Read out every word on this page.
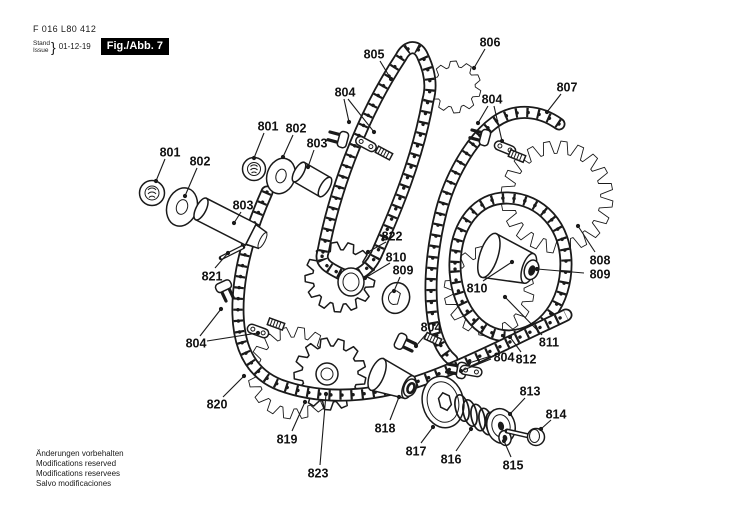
F 016 L80 412
Stand
Issue } 01-12-19	Fig./Abb. 7
801
802
803
821
801 802
803
805
804
806
804
807
808
809
810
811
812
804
822
810
809
813
814
815
816
817
818
819
820
804
823
804
Änderungen vorbehalten
Modifications reserved
Modifications reservees
Salvo modificaciones
